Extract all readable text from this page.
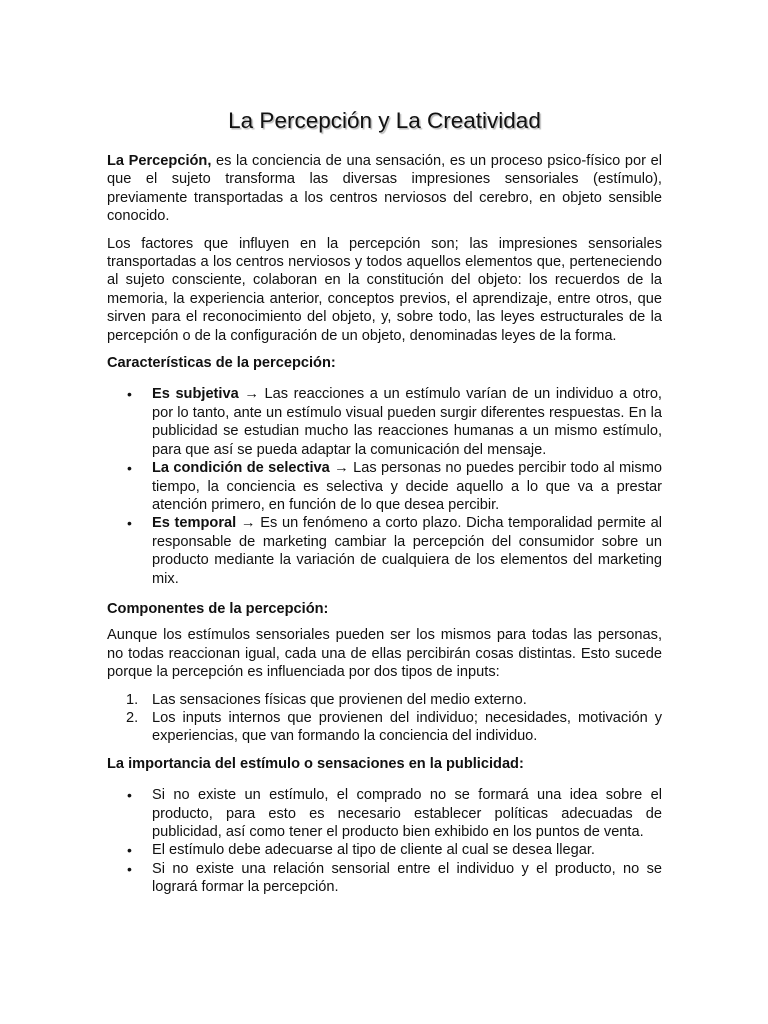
La Percepción y La Creatividad

La Percepción, es la conciencia de una sensación, es un proceso psico-físico por el que el sujeto transforma las diversas impresiones sensoriales (estímulo), previamente transportadas a los centros nerviosos del cerebro, en objeto sensible conocido.

Los factores que influyen en la percepción son; las impresiones sensoriales transportadas a los centros nerviosos y todos aquellos elementos que, perteneciendo al sujeto consciente, colaboran en la constitución del objeto: los recuerdos de la memoria, la experiencia anterior, conceptos previos, el aprendizaje, entre otros, que sirven para el reconocimiento del objeto, y, sobre todo, las leyes estructurales de la percepción o de la configuración de un objeto, denominadas leyes de la forma.

Características de la percepción:
• Es subjetiva → Las reacciones a un estímulo varían de un individuo a otro, por lo tanto, ante un estímulo visual pueden surgir diferentes respuestas. En la publicidad se estudian mucho las reacciones humanas a un mismo estímulo, para que así se pueda adaptar la comunicación del mensaje.
• La condición de selectiva → Las personas no puedes percibir todo al mismo tiempo, la conciencia es selectiva y decide aquello a lo que va a prestar atención primero, en función de lo que desea percibir.
• Es temporal → Es un fenómeno a corto plazo. Dicha temporalidad permite al responsable de marketing cambiar la percepción del consumidor sobre un producto mediante la variación de cualquiera de los elementos del marketing mix.
Componentes de la percepción:

Aunque los estímulos sensoriales pueden ser los mismos para todas las personas, no todas reaccionan igual, cada una de ellas percibirán cosas distintas. Esto sucede porque la percepción es influenciada por dos tipos de inputs:

1. Las sensaciones físicas que provienen del medio externo.
2. Los inputs internos que provienen del individuo; necesidades, motivación y experiencias, que van formando la conciencia del individuo.
La importancia del estímulo o sensaciones en la publicidad:
• Si no existe un estímulo, el comprado no se formará una idea sobre el producto, para esto es necesario establecer políticas adecuadas de publicidad, así como tener el producto bien exhibido en los puntos de venta.
• El estímulo debe adecuarse al tipo de cliente al cual se desea llegar.
• Si no existe una relación sensorial entre el individuo y el producto, no se logrará formar la percepción.
